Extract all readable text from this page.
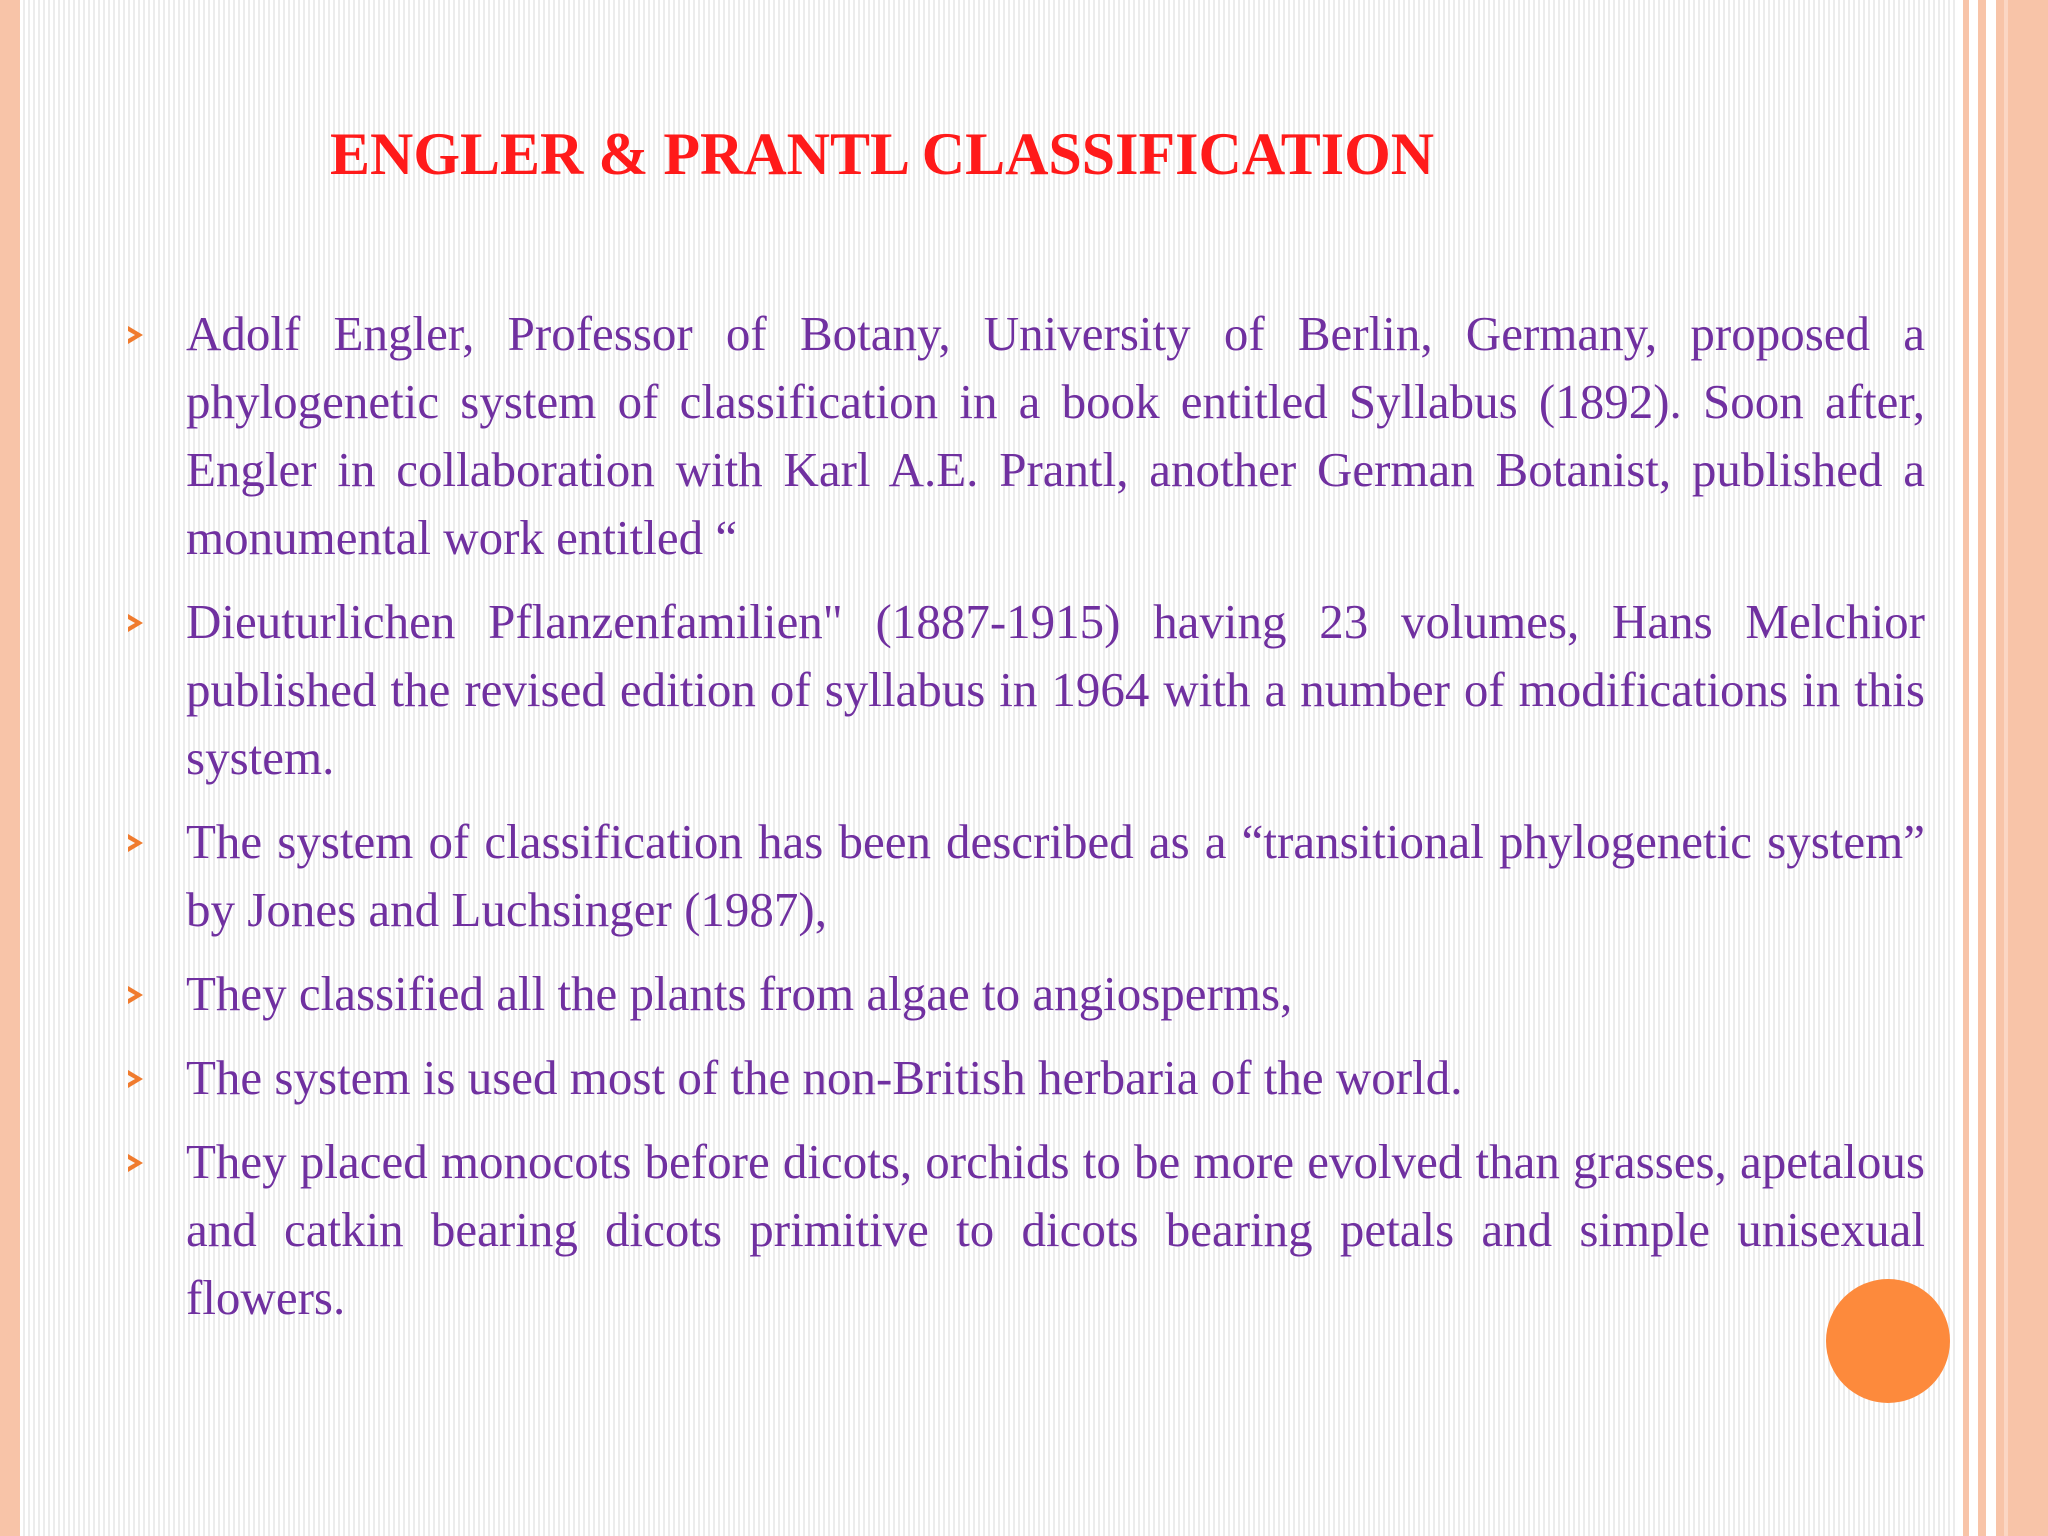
ENGLER & PRANTL CLASSIFICATION
Adolf Engler, Professor of Botany, University of Berlin, Germany, proposed a phylogenetic system of classification in a book entitled Syllabus (1892). Soon after, Engler in collaboration with Karl A.E. Prantl, another German Botanist, published a monumental work entitled “
Dieuturlichen Pflanzenfamilien" (1887-1915) having 23 volumes, Hans Melchior published the revised edition of syllabus in 1964 with a number of modifications in this system.
The system of classification has been described as a “transitional phylogenetic system” by Jones and Luchsinger (1987),
They classified all the plants from algae to angiosperms,
The system is used most of the non-British herbaria of the world.
They placed monocots before dicots, orchids to be more evolved than grasses, apetalous and catkin bearing dicots primitive to dicots bearing petals and simple unisexual flowers.
